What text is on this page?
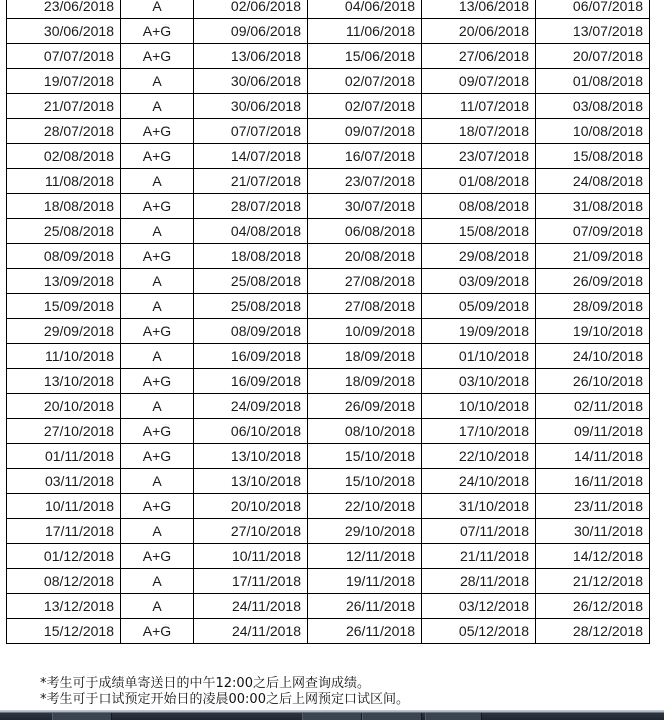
23/06/2018	A	02/06/2018	04/06/2018	13/06/2018	06/07/2018
30/06/2018	A+G	09/06/2018	11/06/2018	20/06/2018	13/07/2018
07/07/2018	A+G	13/06/2018	15/06/2018	27/06/2018	20/07/2018
19/07/2018	A	30/06/2018	02/07/2018	09/07/2018	01/08/2018
21/07/2018	A	30/06/2018	02/07/2018	11/07/2018	03/08/2018
28/07/2018	A+G	07/07/2018	09/07/2018	18/07/2018	10/08/2018
02/08/2018	A+G	14/07/2018	16/07/2018	23/07/2018	15/08/2018
11/08/2018	A	21/07/2018	23/07/2018	01/08/2018	24/08/2018
18/08/2018	A+G	28/07/2018	30/07/2018	08/08/2018	31/08/2018
25/08/2018	A	04/08/2018	06/08/2018	15/08/2018	07/09/2018
08/09/2018	A+G	18/08/2018	20/08/2018	29/08/2018	21/09/2018
13/09/2018	A	25/08/2018	27/08/2018	03/09/2018	26/09/2018
15/09/2018	A	25/08/2018	27/08/2018	05/09/2018	28/09/2018
29/09/2018	A+G	08/09/2018	10/09/2018	19/09/2018	19/10/2018
11/10/2018	A	16/09/2018	18/09/2018	01/10/2018	24/10/2018
13/10/2018	A+G	16/09/2018	18/09/2018	03/10/2018	26/10/2018
20/10/2018	A	24/09/2018	26/09/2018	10/10/2018	02/11/2018
27/10/2018	A+G	06/10/2018	08/10/2018	17/10/2018	09/11/2018
01/11/2018	A+G	13/10/2018	15/10/2018	22/10/2018	14/11/2018
03/11/2018	A	13/10/2018	15/10/2018	24/10/2018	16/11/2018
10/11/2018	A+G	20/10/2018	22/10/2018	31/10/2018	23/11/2018
17/11/2018	A	27/10/2018	29/10/2018	07/11/2018	30/11/2018
01/12/2018	A+G	10/11/2018	12/11/2018	21/11/2018	14/12/2018
08/12/2018	A	17/11/2018	19/11/2018	28/11/2018	21/12/2018
13/12/2018	A	24/11/2018	26/11/2018	03/12/2018	26/12/2018
15/12/2018	A+G	24/11/2018	26/11/2018	05/12/2018	28/12/2018
*考生可于成绩单寄送日的中午12:00之后上网查询成绩。
*考生可于口试预定开始日的凌晨00:00之后上网预定口试区间。
